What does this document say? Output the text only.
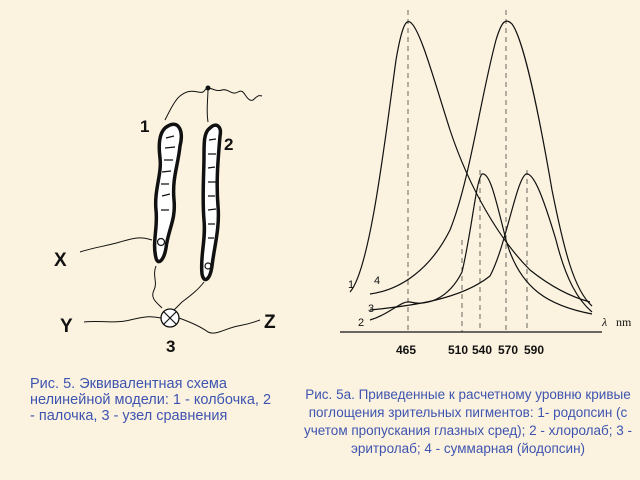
1
2
3
X
Y	Z
1 4
3
2
465	510 540 570 590
λ nm
Рис. 5. Эквивалентная схема нелинейной модели: 1 - колбочка, 2 - палочка, 3 - узел сравнения
Рис. 5а. Приведенные к расчетному уровню кривые поглощения зрительных пигментов: 1- родопсин (с учетом пропускания глазных сред); 2 - хлоролаб; 3 - эритролаб; 4 - суммарная (йодопсин)
